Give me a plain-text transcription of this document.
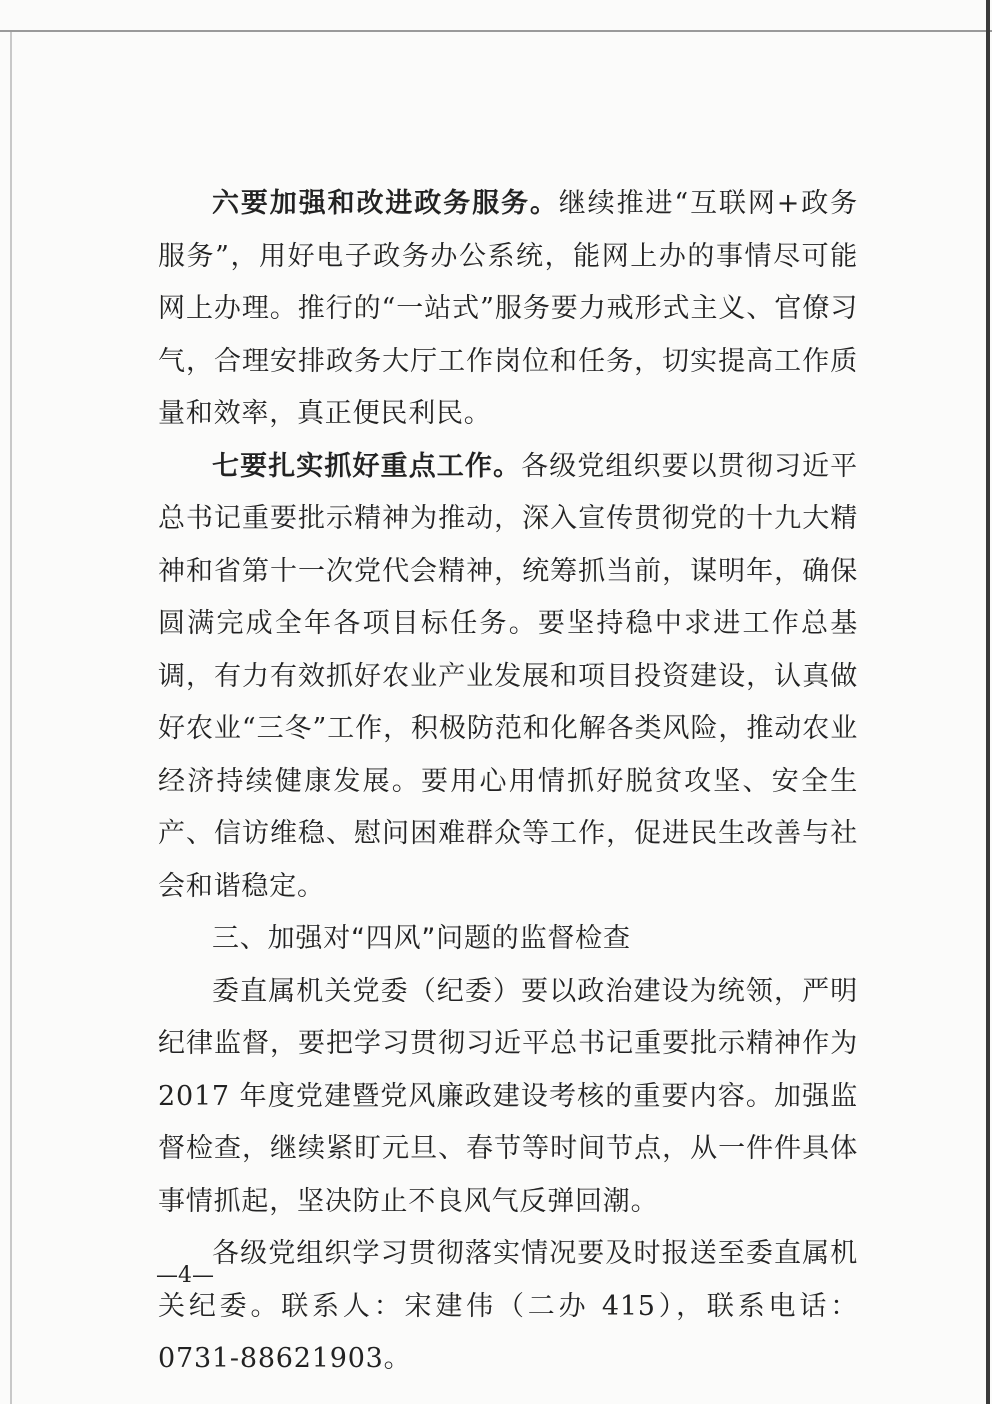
六要加强和改进政务服务。继续推进“互联网+政务服务”，用好电子政务办公系统，能网上办的事情尽可能网上办理。推行的“一站式”服务要力戒形式主义、官僚习气，合理安排政务大厅工作岗位和任务，切实提高工作质量和效率，真正便民利民。

七要扎实抓好重点工作。各级党组织要以贯彻习近平总书记重要批示精神为推动，深入宣传贯彻党的十九大精神和省第十一次党代会精神，统筹抓当前，谋明年，确保圆满完成全年各项目标任务。要坚持稳中求进工作总基调，有力有效抓好农业产业发展和项目投资建设，认真做好农业“三冬”工作，积极防范和化解各类风险，推动农业经济持续健康发展。要用心用情抓好脱贫攻坚、安全生产、信访维稳、慰问困难群众等工作，促进民生改善与社会和谐稳定。

三、加强对“四风”问题的监督检查

委直属机关党委（纪委）要以政治建设为统领，严明纪律监督，要把学习贯彻习近平总书记重要批示精神作为 2017 年度党建暨党风廉政建设考核的重要内容。加强监督检查，继续紧盯元旦、春节等时间节点，从一件件具体事情抓起，坚决防止不良风气反弹回潮。

各级党组织学习贯彻落实情况要及时报送至委直属机关纪委。联系人：宋建伟（二办 415），联系电话：0731-88621903。

—4—
